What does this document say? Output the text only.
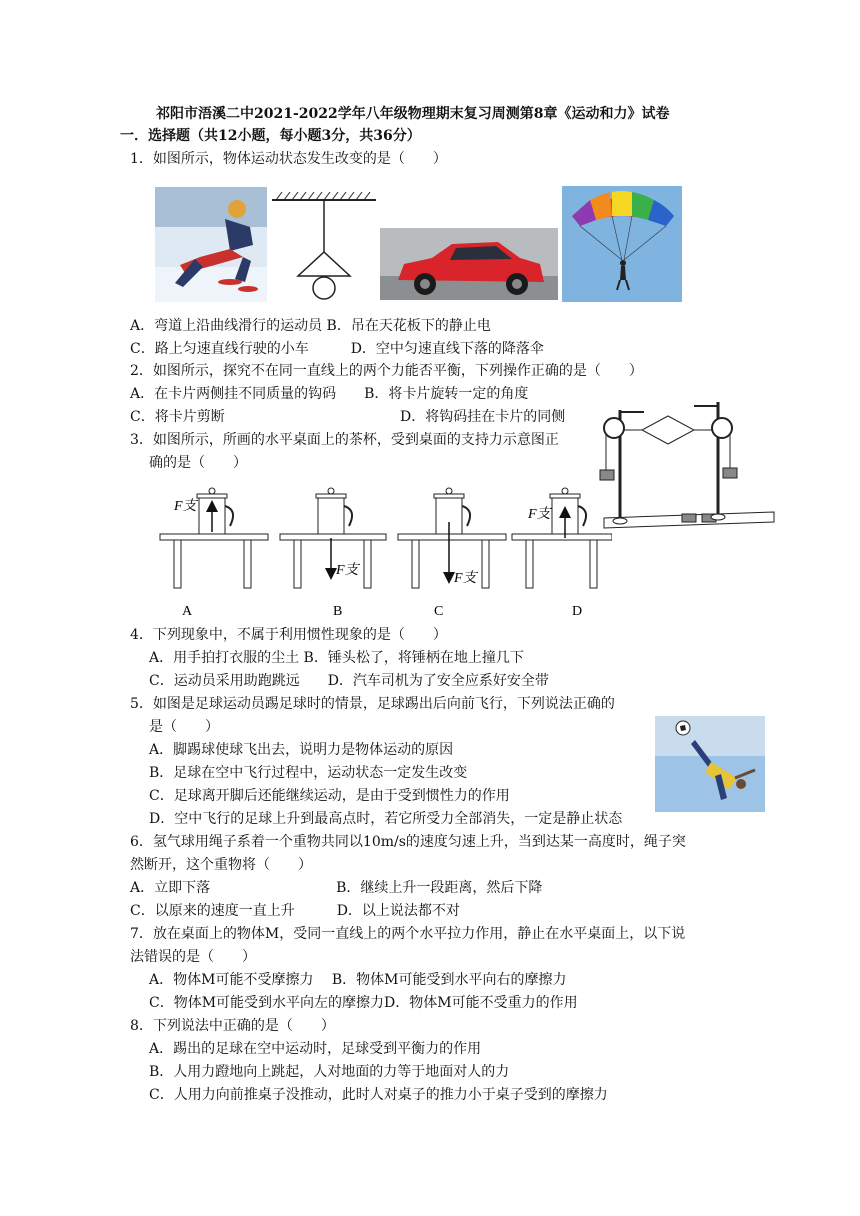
祁阳市浯溪二中2021-2022学年八年级物理期末复习周测第8章《运动和力》试卷
一．选择题（共12小题，每小题3分，共36分）
1．如图所示，物体运动状态发生改变的是（　　）
A．弯道上沿曲线滑行的运动员 B．吊在天花板下的静止电
C．路上匀速直线行驶的小车　　　D．空中匀速直线下落的降落伞
2．如图所示，探究不在同一直线上的两个力能否平衡，下列操作正确的是（　　）
A．在卡片两侧挂不同质量的钩码　　B．将卡片旋转一定的角度
C．将卡片剪断	D．将钩码挂在卡片的同侧
3．如图所示，所画的水平桌面上的茶杯，受到桌面的支持力示意图正
确的是（　　）
F支
A
F支
B
F支
C
F支
D
4．下列现象中，不属于利用惯性现象的是（　　）
A．用手拍打衣服的尘土 B．锤头松了，将锤柄在地上撞几下
C．运动员采用助跑跳远　　D．汽车司机为了安全应系好安全带
5．如图是足球运动员踢足球时的情景，足球踢出后向前飞行，下列说法正确的
是（　　）
A．脚踢球使球飞出去，说明力是物体运动的原因
B．足球在空中飞行过程中，运动状态一定发生改变
C．足球离开脚后还能继续运动，是由于受到惯性力的作用
D．空中飞行的足球上升到最高点时，若它所受力全部消失，一定是静止状态
6．氢气球用绳子系着一个重物共同以10m/s的速度匀速上升，当到达某一高度时，绳子突
然断开，这个重物将（　　）
A．立即下落　　　　　　　　　B．继续上升一段距离，然后下降
C．以原来的速度一直上升　　　D．以上说法都不对
7．放在桌面上的物体M，受同一直线上的两个水平拉力作用，静止在水平桌面上，以下说
法错误的是（　　）
A．物体M可能不受摩擦力　 B．物体M可能受到水平向右的摩擦力
C．物体M可能受到水平向左的摩擦力D．物体M可能不受重力的作用
8．下列说法中正确的是（　　）
A．踢出的足球在空中运动时，足球受到平衡力的作用
B．人用力蹬地向上跳起，人对地面的力等于地面对人的力
C．人用力向前推桌子没推动，此时人对桌子的推力小于桌子受到的摩擦力
